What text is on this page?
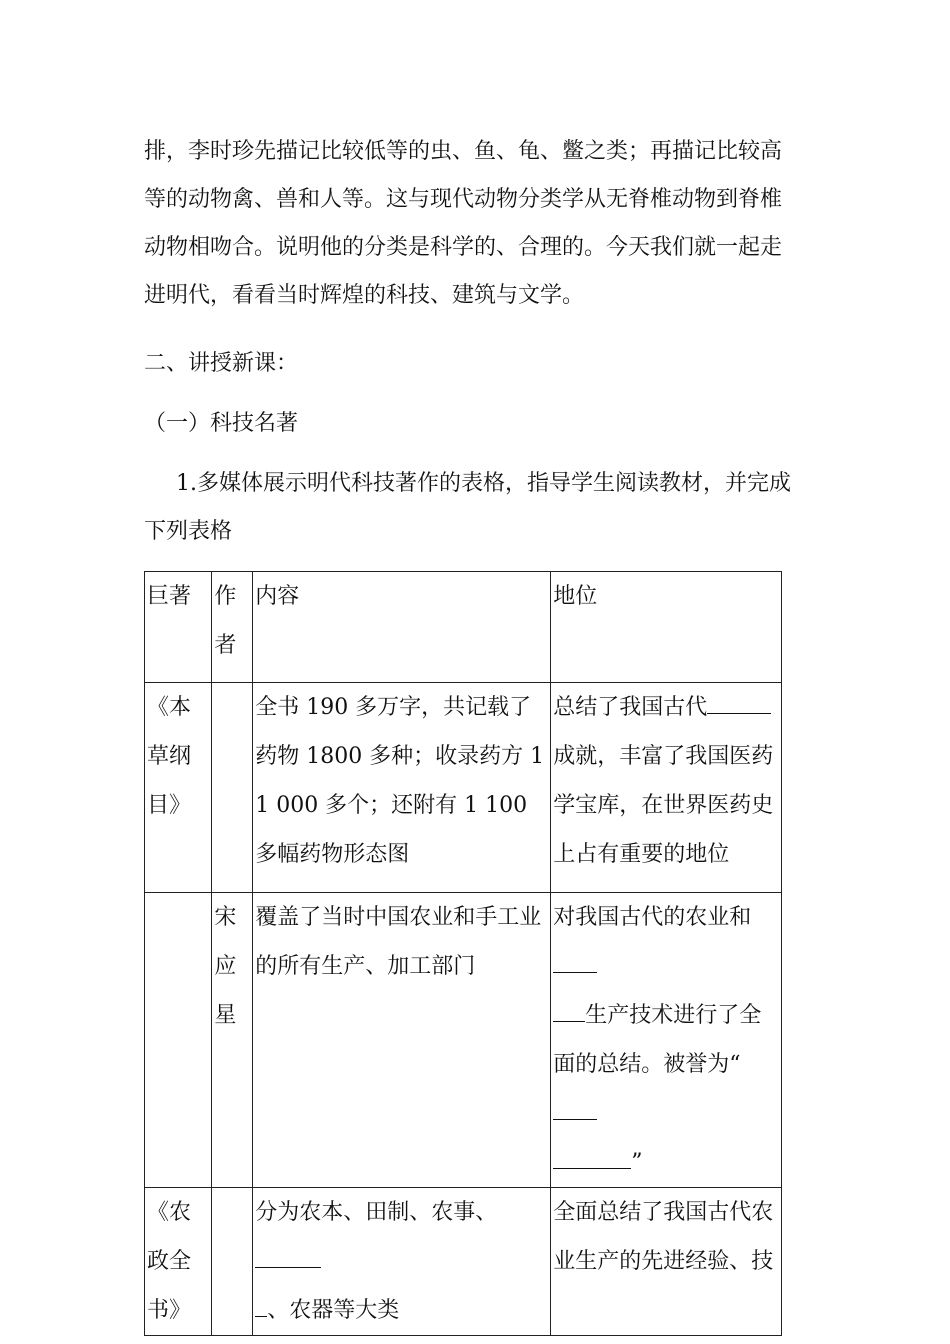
排，李时珍先描记比较低等的虫、鱼、龟、鳖之类；再描记比较高等的动物禽、兽和人等。这与现代动物分类学从无脊椎动物到脊椎动物相吻合。说明他的分类是科学的、合理的。今天我们就一起走进明代，看看当时辉煌的科技、建筑与文学。

二、讲授新课：

（一）科技名著

1.多媒体展示明代科技著作的表格，指导学生阅读教材，并完成下列表格

巨著	作者	内容	地位
《本草纲目》		全书 190 多万字，共记载了药物 1800 多种；收录药方 11 000 多个；还附有 1 100 多幅药物形态图	总结了我国古代成就，丰富了我国医药学宝库，在世界医药史上占有重要的地位
	宋应星	覆盖了当时中国农业和手工业的所有生产、加工部门	对我国古代的农业和
生产技术进行了全面的总结。被誉为“
”
《农政全书》		分为农本、田制、农事、
、农器等大类	全面总结了我国古代农业生产的先进经验、技
